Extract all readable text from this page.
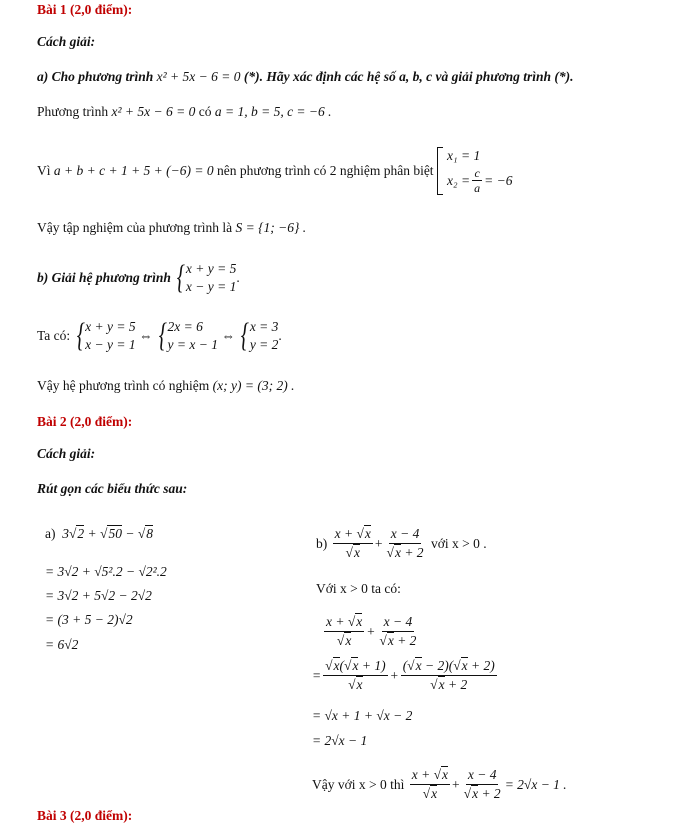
Bài 1 (2,0 điểm):
Cách giải:
a) Cho phương trình x² + 5x − 6 = 0 (*). Hãy xác định các hệ số a, b, c và giải phương trình (*).
Phương trình x² + 5x − 6 = 0 có a = 1, b = 5, c = −6 .
Vì
a + b + c + 1 + 5 + (−6) = 0
nên phương trình có 2 nghiệm phân biệt

x₁ = 1
$x_2 = \frac{c}{a} = -6$
Vậy tập nghiệm của phương trình là S = {1; −6} .
b) Giải hệ phương trình
{ x + y = 5
x − y = 1
.
Ta có:
{ x + y = 5
x − y = 1

⇔
{ 2x = 6
y = x − 1

⇔
{ x = 3
y = 2
.
Vậy hệ phương trình có nghiệm (x; y) = (3; 2) .
Bài 2 (2,0 điểm):
Cách giải:
Rút gọn các biểu thức sau:
a) 3√2 + √50 − √8
= 3√2 + √5².2 − √2².2
= 3√2 + 5√2 − 2√2
= (3 + 5 − 2)√2
= 6√2
b)
$\frac{x + √x}{√x} + \frac{x - 4}{√x + 2}$
với x > 0 .
Với x > 0 ta có:
$\frac{x + √x}{√x} + \frac{x - 4}{√x + 2}$
= $\frac{√x(√x + 1)}{√x} + \frac{(√x - 2)(√x + 2)}{√x + 2}$
= √x + 1 + √x − 2
= 2√x − 1
Vậy với x > 0 thì
$\frac{x + √x}{√x} + \frac{x - 4}{√x + 2} = 2√x - 1$ .
Bài 3 (2,0 điểm):
